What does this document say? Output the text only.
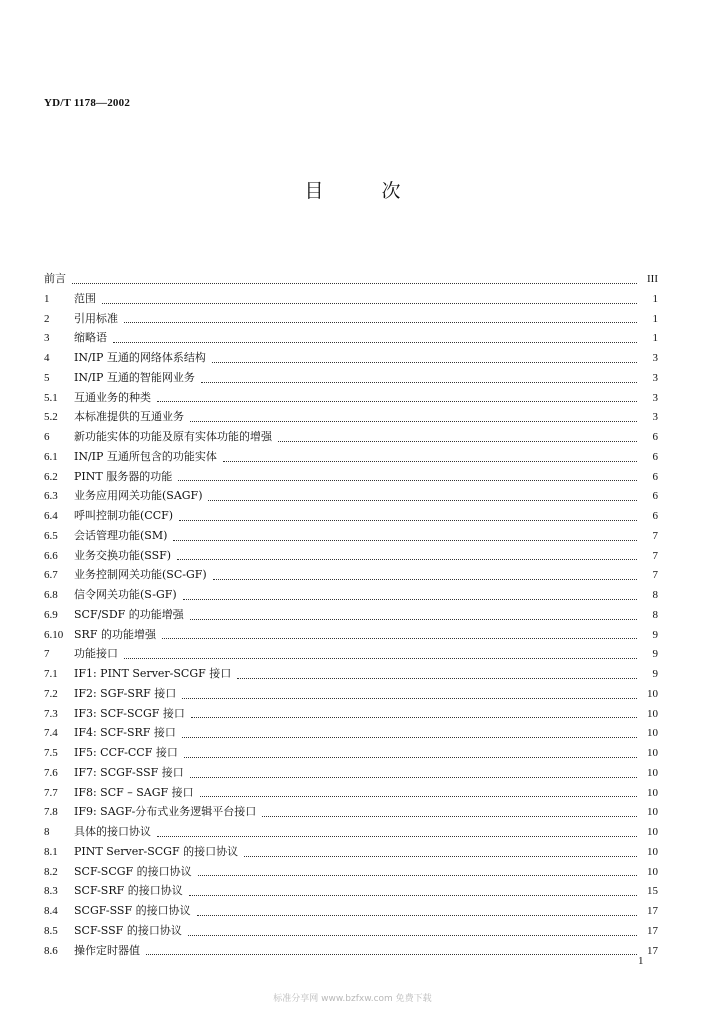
YD/T 1178—2002
目	次
前言	III
1	范围	1
2	引用标准	1
3	缩略语	1
4	IN/IP 互通的网络体系结构	3
5	IN/IP 互通的智能网业务	3
5.1	互通业务的种类	3
5.2	本标准提供的互通业务	3
6	新功能实体的功能及原有实体功能的增强	6
6.1	IN/IP 互通所包含的功能实体	6
6.2	PINT 服务器的功能	6
6.3	业务应用网关功能(SAGF)	6
6.4	呼叫控制功能(CCF)	6
6.5	会话管理功能(SM)	7
6.6	业务交换功能(SSF)	7
6.7	业务控制网关功能(SC-GF)	7
6.8	信令网关功能(S-GF)	8
6.9	SCF/SDF 的功能增强	8
6.10 SRF 的功能增强	9
7	功能接口	9
7.1	IF1: PINT Server-SCGF 接口	9
7.2	IF2: SGF-SRF 接口	10
7.3	IF3: SCF-SCGF 接口	10
7.4	IF4: SCF-SRF 接口	10
7.5	IF5: CCF-CCF 接口	10
7.6	IF7: SCGF-SSF 接口	10
7.7	IF8: SCF – SAGF 接口	10
7.8	IF9: SAGF-分布式业务逻辑平台接口	10
8	具体的接口协议	10
8.1	PINT Server-SCGF 的接口协议	10
8.2	SCF-SCGF 的接口协议	10
8.3	SCF-SRF 的接口协议	15
8.4	SCGF-SSF 的接口协议	17
8.5	SCF-SSF 的接口协议	17
8.6	操作定时器值	17
1
标准分享网 www.bzfxw.com 免费下载
